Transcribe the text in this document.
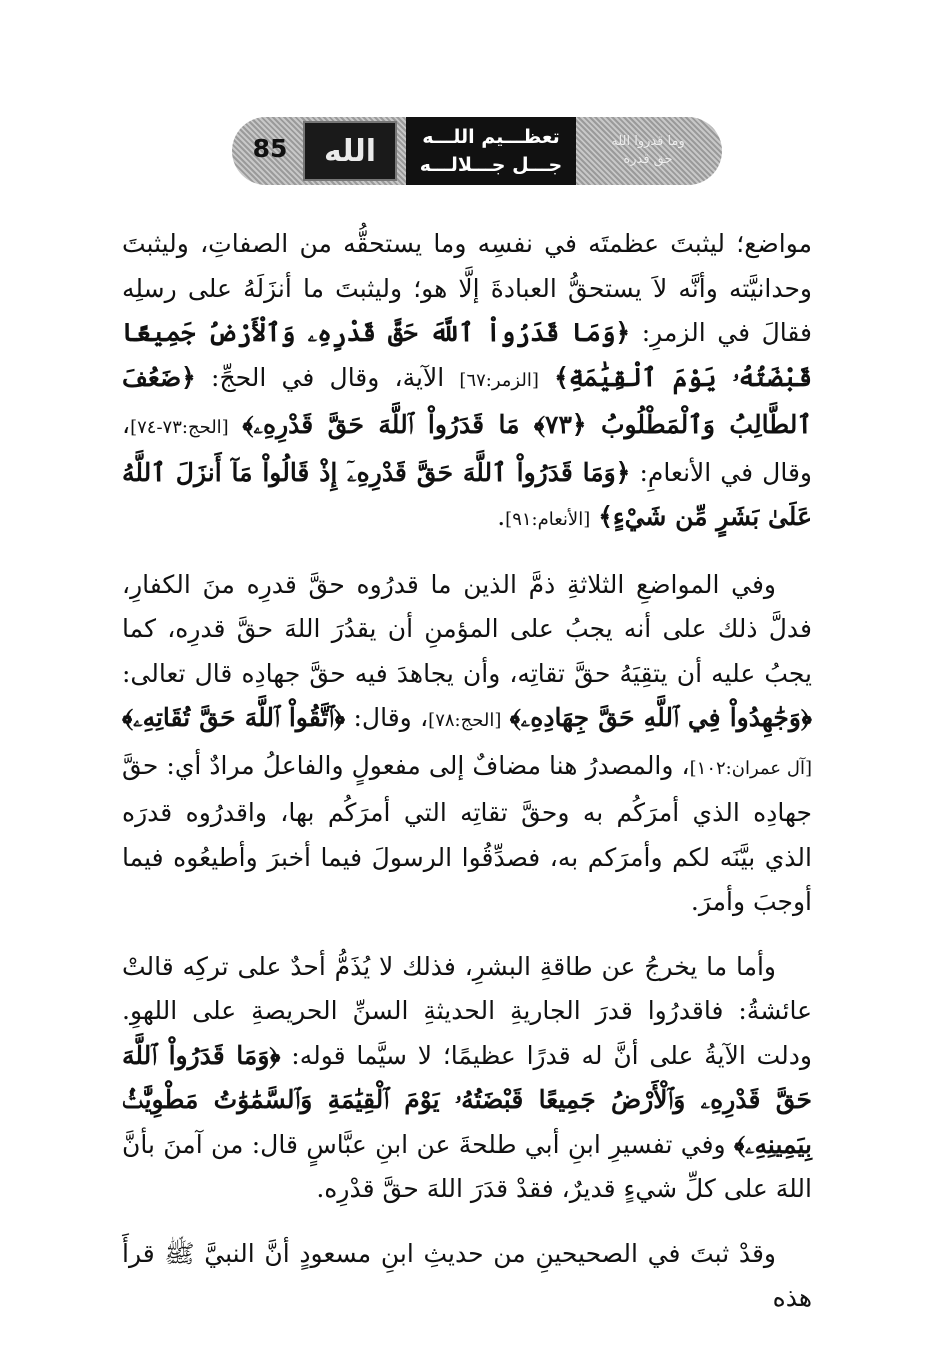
85 الله تعظـــيم اللـــه
جـــل جـــلالـــه
وما قدروا الله
حق قدره

مواضع؛ ليثبتَ عظمتَه في نفسِه وما يستحقُّه من الصفاتِ، وليثبتَ وحدانيَّته وأنَّه لاَ يستحقُّ العبادةَ إلَّا هو؛ وليثبتَ ما أنزَلَهُ على رسلِه فقالَ في الزمرِ: ﴿وَمَا قَدَرُواْ ٱللَّهَ حَقَّ قَدْرِهِۦ وَٱلْأَرْضُ جَمِيعًا قَبْضَتُهُۥ يَوْمَ ٱلْقِيَٰمَةِ﴾ [الزمر:٦٧] الآية، وقال في الحجِّ: ﴿ضَعُفَ ٱلطَّالِبُ وَٱلْمَطْلُوبُ ﴿٧٣﴾ مَا قَدَرُواْ ٱللَّهَ حَقَّ قَدْرِهِۦ﴾ [الحج:٧٣-٧٤]، وقال في الأنعامِ: ﴿وَمَا قَدَرُواْ ٱللَّهَ حَقَّ قَدْرِهِۦٓ إِذْ قَالُواْ مَآ أَنزَلَ ٱللَّهُ عَلَىٰ بَشَرٍ مِّن شَيْءٍ﴾ [الأنعام:٩١].

وفي المواضعِ الثلاثةِ ذمَّ الذين ما قدرُوه حقَّ قدرِه منَ الكفارِ، فدلَّ ذلك على أنه يجبُ على المؤمنِ أن يقدُرَ اللهَ حقَّ قدرِه، كما يجبُ عليه أن يتقِيَهُ حقَّ تقاتِه، وأن يجاهدَ فيه حقَّ جهادِه قال تعالى: ﴿وَجَٰهِدُواْ فِي ٱللَّهِ حَقَّ جِهَادِهِۦ﴾ [الحج:٧٨]، وقال: ﴿ٱتَّقُواْ ٱللَّهَ حَقَّ تُقَاتِهِۦ﴾ [آل عمران:١٠٢]، والمصدرُ هنا مضافٌ إلى مفعولٍ والفاعلُ مرادٌ أي: حقَّ جهادِه الذي أمرَكُم به وحقَّ تقاتِه التي أمرَكُم بها، واقدرُوه قدرَه الذي بيَّنَه لكم وأمرَكم به، فصدِّقُوا الرسولَ فيما أخبرَ وأطيعُوه فيما أوجبَ وأمرَ.

وأما ما يخرجُ عن طاقةِ البشرِ، فذلك لا يُذَمُّ أحدٌ على تركِه قالتْ عائشةُ: فاقدرُوا قدرَ الجاريةِ الحديثةِ السنِّ الحريصةِ على اللهوِ. ودلت الآيةُ على أنَّ له قدرًا عظيمًا؛ لا سيَّما قوله: ﴿وَمَا قَدَرُواْ ٱللَّهَ حَقَّ قَدْرِهِۦ وَٱلْأَرْضُ جَمِيعًا قَبْضَتُهُۥ يَوْمَ ٱلْقِيَٰمَةِ وَٱلسَّمَٰوَٰتُ مَطْوِيَّٰتُۢ بِيَمِينِهِۦ﴾ وفي تفسيرِ ابنِ أبي طلحةَ عن ابنِ عبَّاسٍ قال: من آمنَ بأنَّ اللهَ على كلِّ شيءٍ قديرٌ، فقدْ قدَرَ اللهَ حقَّ قدْرِه.

وقدْ ثبتَ في الصحيحينِ من حديثِ ابنِ مسعودٍ أنَّ النبيَّ ﷺ قرأَ هذه
